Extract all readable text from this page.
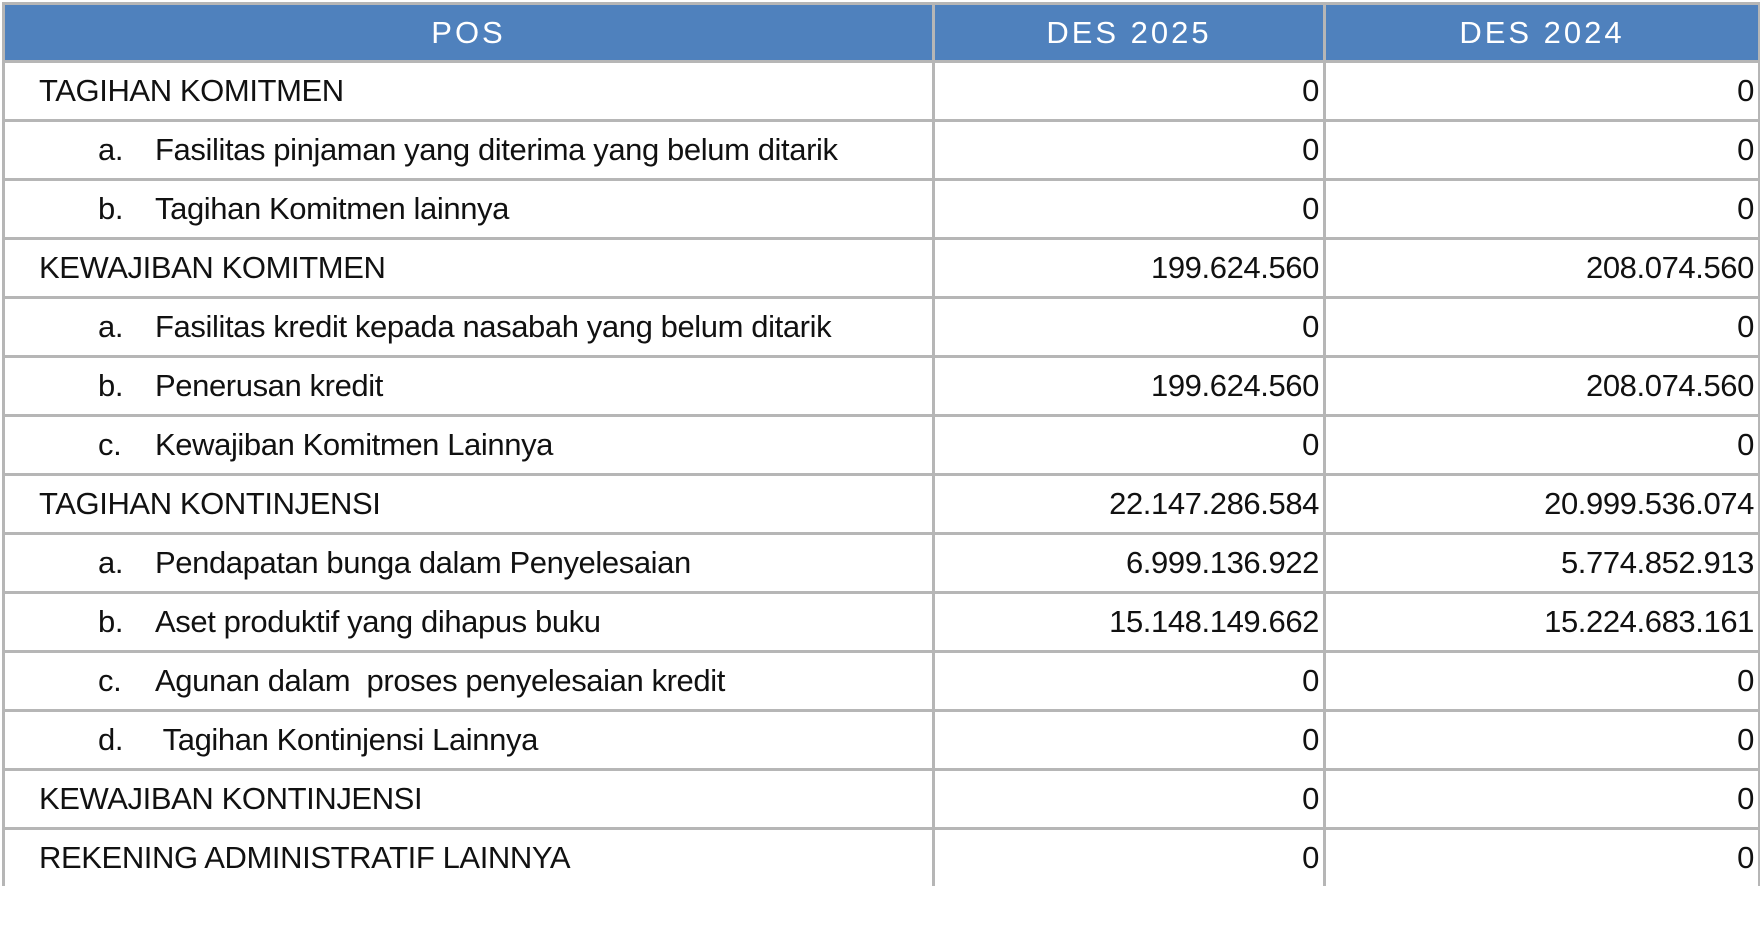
POS	DES 2025	DES 2024
TAGIHAN KOMITMEN	0	0
a. Fasilitas pinjaman yang diterima yang belum ditarik	0	0
b. Tagihan Komitmen lainnya	0	0
KEWAJIBAN KOMITMEN	199.624.560	208.074.560
a. Fasilitas kredit kepada nasabah yang belum ditarik	0	0
b. Penerusan kredit	199.624.560	208.074.560
c. Kewajiban Komitmen Lainnya	0	0
TAGIHAN KONTINJENSI	22.147.286.584	20.999.536.074
a. Pendapatan bunga dalam Penyelesaian	6.999.136.922	5.774.852.913
b. Aset produktif yang dihapus buku	15.148.149.662	15.224.683.161
c. Agunan dalam  proses penyelesaian kredit	0	0
d. Tagihan Kontinjensi Lainnya	0	0
KEWAJIBAN KONTINJENSI	0	0
REKENING ADMINISTRATIF LAINNYA	0	0
